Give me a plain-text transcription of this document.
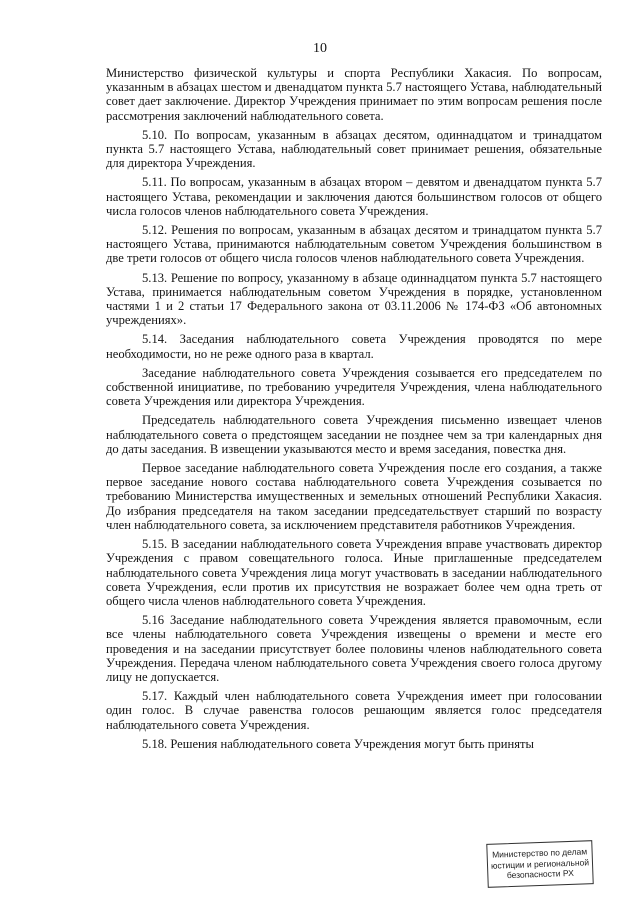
10

Министерство физической культуры и спорта Республики Хакасия. По вопросам, указанным в абзацах шестом и двенадцатом пункта 5.7 настоящего Устава, наблюдательный совет дает заключение. Директор Учреждения принимает по этим вопросам решения после рассмотрения заключений наблюдательного совета.

5.10. По вопросам, указанным в абзацах десятом, одиннадцатом и тринадцатом пункта 5.7 настоящего Устава, наблюдательный совет принимает решения, обязательные для директора Учреждения.

5.11. По вопросам, указанным в абзацах втором – девятом и двенадцатом пункта 5.7 настоящего Устава, рекомендации и заключения даются большинством голосов от общего числа голосов членов наблюдательного совета Учреждения.

5.12. Решения по вопросам, указанным в абзацах десятом и тринадцатом пункта 5.7 настоящего Устава, принимаются наблюдательным советом Учреждения большинством в две трети голосов от общего числа голосов членов наблюдательного совета Учреждения.

5.13. Решение по вопросу, указанному в абзаце одиннадцатом пункта 5.7 настоящего Устава, принимается наблюдательным советом Учреждения в порядке, установленном частями 1 и 2 статьи 17 Федерального закона от 03.11.2006 № 174-ФЗ «Об автономных учреждениях».

5.14. Заседания наблюдательного совета Учреждения проводятся по мере необходимости, но не реже одного раза в квартал.

Заседание наблюдательного совета Учреждения созывается его председателем по собственной инициативе, по требованию учредителя Учреждения, члена наблюдательного совета Учреждения или директора Учреждения.

Председатель наблюдательного совета Учреждения письменно извещает членов наблюдательного совета о предстоящем заседании не позднее чем за три календарных дня до даты заседания. В извещении указываются место и время заседания, повестка дня.

Первое заседание наблюдательного совета Учреждения после его создания, а также первое заседание нового состава наблюдательного совета Учреждения созывается по требованию Министерства имущественных и земельных отношений Республики Хакасия. До избрания председателя на таком заседании председательствует старший по возрасту член наблюдательного совета, за исключением представителя работников Учреждения.

5.15. В заседании наблюдательного совета Учреждения вправе участвовать директор Учреждения с правом совещательного голоса. Иные приглашенные председателем наблюдательного совета Учреждения лица могут участвовать в заседании наблюдательного совета Учреждения, если против их присутствия не возражает более чем одна треть от общего числа членов наблюдательного совета Учреждения.

5.16 Заседание наблюдательного совета Учреждения является правомочным, если все члены наблюдательного совета Учреждения извещены о времени и месте его проведения и на заседании присутствует более половины членов наблюдательного совета Учреждения. Передача членом наблюдательного совета Учреждения своего голоса другому лицу не допускается.

5.17. Каждый член наблюдательного совета Учреждения имеет при голосовании один голос. В случае равенства голосов решающим является голос председателя наблюдательного совета Учреждения.

5.18. Решения наблюдательного совета Учреждения могут быть приняты

Министерство по делам
юстиции и региональной
безопасности РХ
